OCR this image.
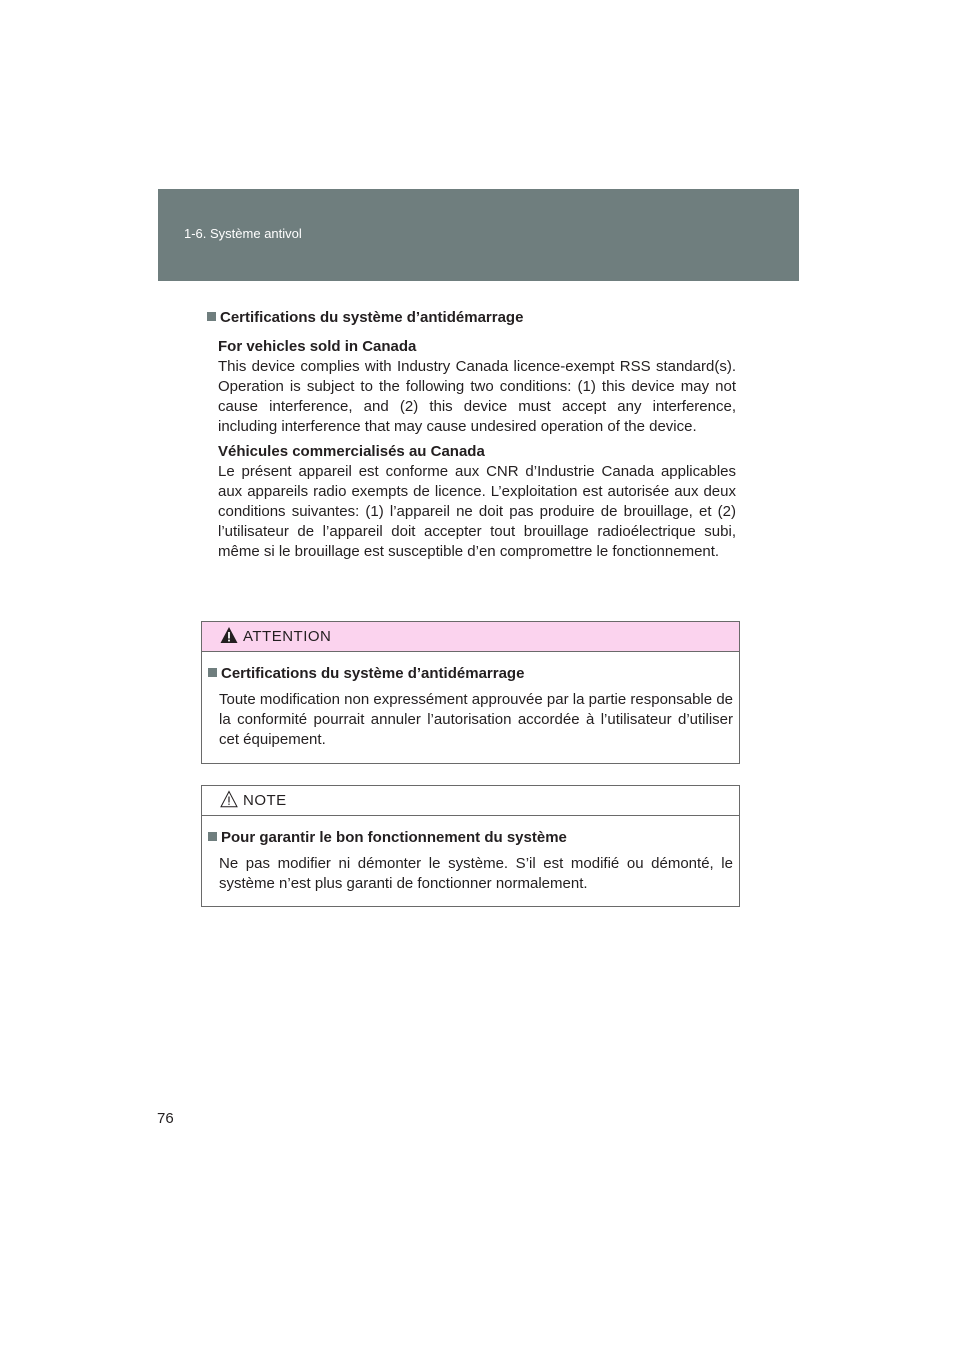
1-6. Système antivol
Certifications du système d’antidémarrage
For vehicles sold in Canada
This device complies with Industry Canada licence-exempt RSS standard(s). Operation is subject to the following two conditions: (1) this device may not cause interference, and (2) this device must accept any interference, including interference that may cause undesired operation of the device.
Véhicules commercialisés au Canada
Le présent appareil est conforme aux CNR d’Industrie Canada applicables aux appareils radio exempts de licence. L’exploitation est autorisée aux deux conditions suivantes: (1) l’appareil ne doit pas produire de brouillage, et (2) l’utilisateur de l’appareil doit accepter tout brouillage radioélectrique subi, même si le brouillage est susceptible d’en compromettre le fonctionnement.
ATTENTION
Certifications du système d’antidémarrage
Toute modification non expressément approuvée par la partie responsable de la conformité pourrait annuler l’autorisation accordée à l’utilisateur d’utiliser cet équipement.
NOTE
Pour garantir le bon fonctionnement du système
Ne pas modifier ni démonter le système. S’il est modifié ou démonté, le système n’est plus garanti de fonctionner normalement.
76
